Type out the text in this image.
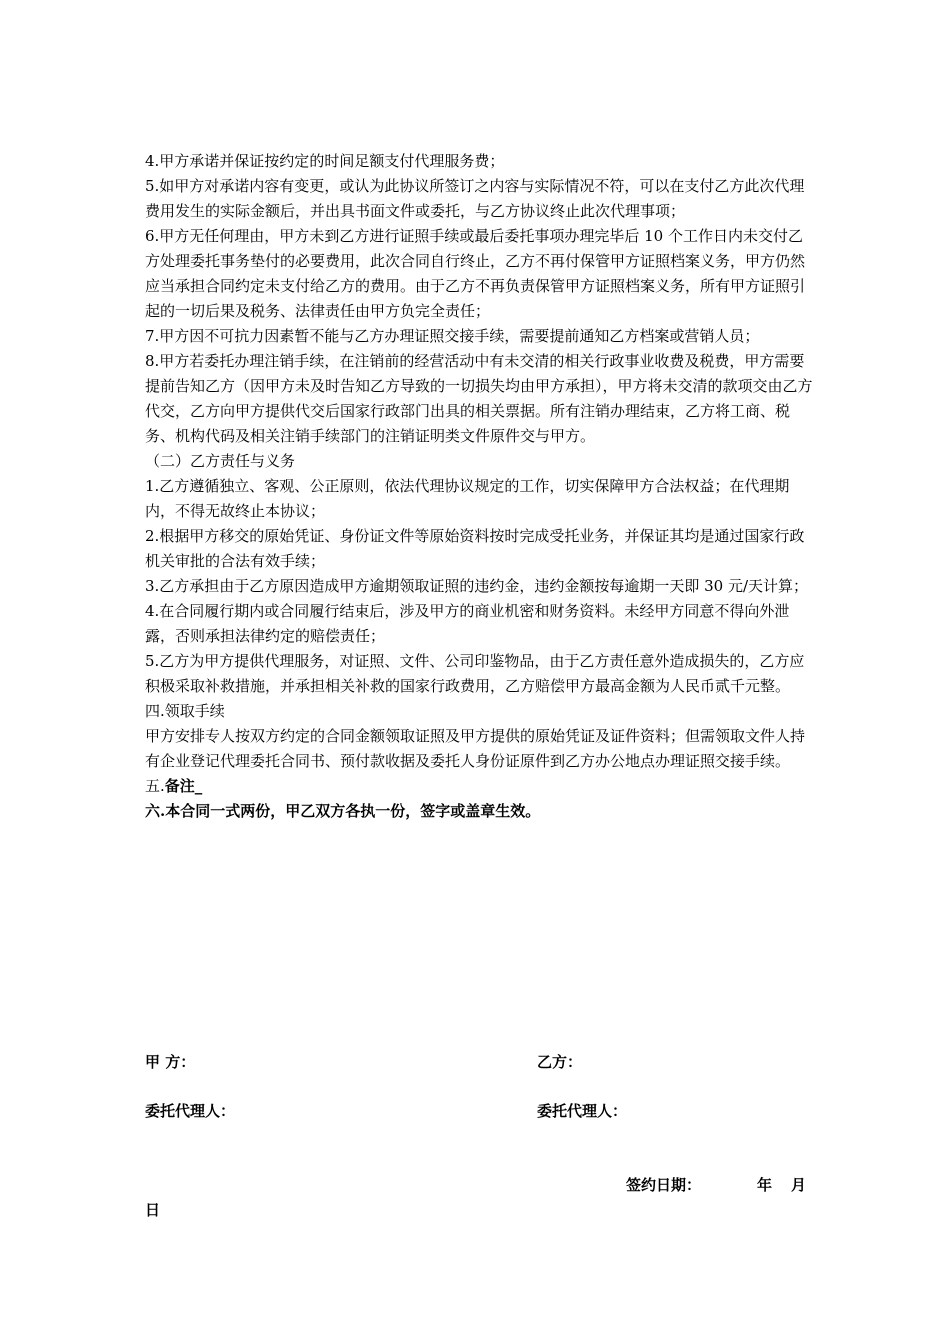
4.甲方承诺并保证按约定的时间足额支付代理服务费；

5.如甲方对承诺内容有变更，或认为此协议所签订之内容与实际情况不符，可以在支付乙方此次代理费用发生的实际金额后，并出具书面文件或委托，与乙方协议终止此次代理事项；

6.甲方无任何理由，甲方未到乙方进行证照手续或最后委托事项办理完毕后 10 个工作日内未交付乙方处理委托事务垫付的必要费用，此次合同自行终止，乙方不再付保管甲方证照档案义务，甲方仍然应当承担合同约定未支付给乙方的费用。由于乙方不再负责保管甲方证照档案义务，所有甲方证照引起的一切后果及税务、法律责任由甲方负完全责任；

7.甲方因不可抗力因素暂不能与乙方办理证照交接手续，需要提前通知乙方档案或营销人员；

8.甲方若委托办理注销手续，在注销前的经营活动中有未交清的相关行政事业收费及税费，甲方需要提前告知乙方（因甲方未及时告知乙方导致的一切损失均由甲方承担），甲方将未交清的款项交由乙方代交，乙方向甲方提供代交后国家行政部门出具的相关票据。所有注销办理结束，乙方将工商、税务、机构代码及相关注销手续部门的注销证明类文件原件交与甲方。

（二）乙方责任与义务

1.乙方遵循独立、客观、公正原则，依法代理协议规定的工作，切实保障甲方合法权益；在代理期内，不得无故终止本协议；

2.根据甲方移交的原始凭证、身份证文件等原始资料按时完成受托业务，并保证其均是通过国家行政机关审批的合法有效手续；

3.乙方承担由于乙方原因造成甲方逾期领取证照的违约金，违约金额按每逾期一天即 30 元/天计算；

4.在合同履行期内或合同履行结束后，涉及甲方的商业机密和财务资料。未经甲方同意不得向外泄露，否则承担法律约定的赔偿责任；

5.乙方为甲方提供代理服务，对证照、文件、公司印鉴物品，由于乙方责任意外造成损失的，乙方应积极采取补救措施，并承担相关补救的国家行政费用，乙方赔偿甲方最高金额为人民币贰千元整。

四.领取手续

甲方安排专人按双方约定的合同金额领取证照及甲方提供的原始凭证及证件资料；但需领取文件人持有企业登记代理委托合同书、预付款收据及委托人身份证原件到乙方办公地点办理证照交接手续。

五.备注_

六.本合同一式两份，甲乙双方各执一份，签字或盖章生效。

甲 方：	乙方：
委托代理人：	委托代理人：
签约日期：	年 月
日
